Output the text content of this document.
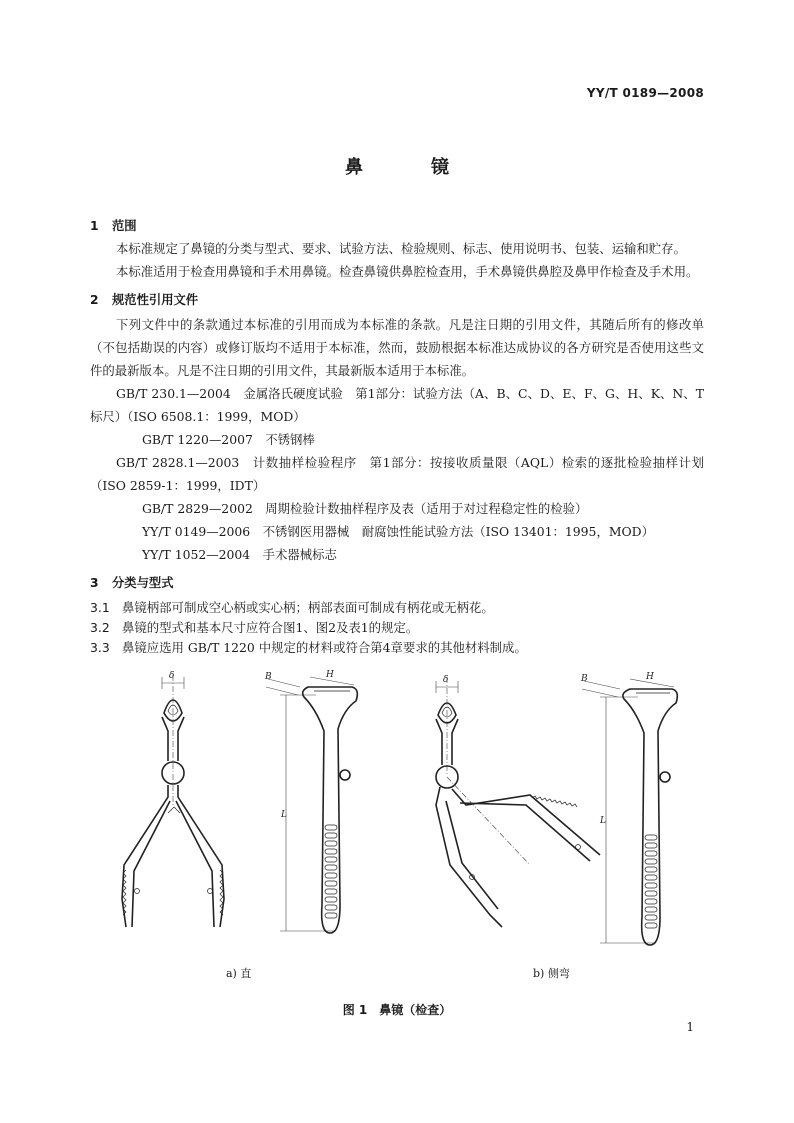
YY/T 0189—2008
鼻	镜
1 范围

本标准规定了鼻镜的分类与型式、要求、试验方法、检验规则、标志、使用说明书、包装、运输和贮存。

本标准适用于检查用鼻镜和手术用鼻镜。检查鼻镜供鼻腔检查用，手术鼻镜供鼻腔及鼻甲作检查及手术用。

2 规范性引用文件

下列文件中的条款通过本标准的引用而成为本标准的条款。凡是注日期的引用文件，其随后所有的修改单（不包括勘误的内容）或修订版均不适用于本标准，然而，鼓励根据本标准达成协议的各方研究是否使用这些文件的最新版本。凡是不注日期的引用文件，其最新版本适用于本标准。

GB/T 230.1—2004　 金属洛氏硬度试验　第1部分：试验方法（A、B、C、D、E、F、G、H、K、N、T 标尺）（ISO 6508.1：1999，MOD）

GB/T 1220—2007　 不锈钢棒

GB/T 2828.1—2003　 计数抽样检验程序　第1部分：按接收质量限（AQL）检索的逐批检验抽样计划（ISO 2859-1：1999，IDT）

GB/T 2829—2002　 周期检验计数抽样程序及表（适用于对过程稳定性的检验）

YY/T 0149—2006　 不锈钢医用器械　耐腐蚀性能试验方法（ISO 13401：1995，MOD）

YY/T 1052—2004　 手术器械标志

3 分类与型式

3.1 鼻镜柄部可制成空心柄或实心柄；柄部表面可制成有柄花或无柄花。

3.2 鼻镜的型式和基本尺寸应符合图1、图2及表1的规定。

3.3 鼻镜应选用 GB/T 1220 中规定的材料或符合第4章要求的其他材料制成。

δ	B	H
L
δ	B	H
L
a) 直	b) 侧弯
图 1　鼻镜（检查）
1
